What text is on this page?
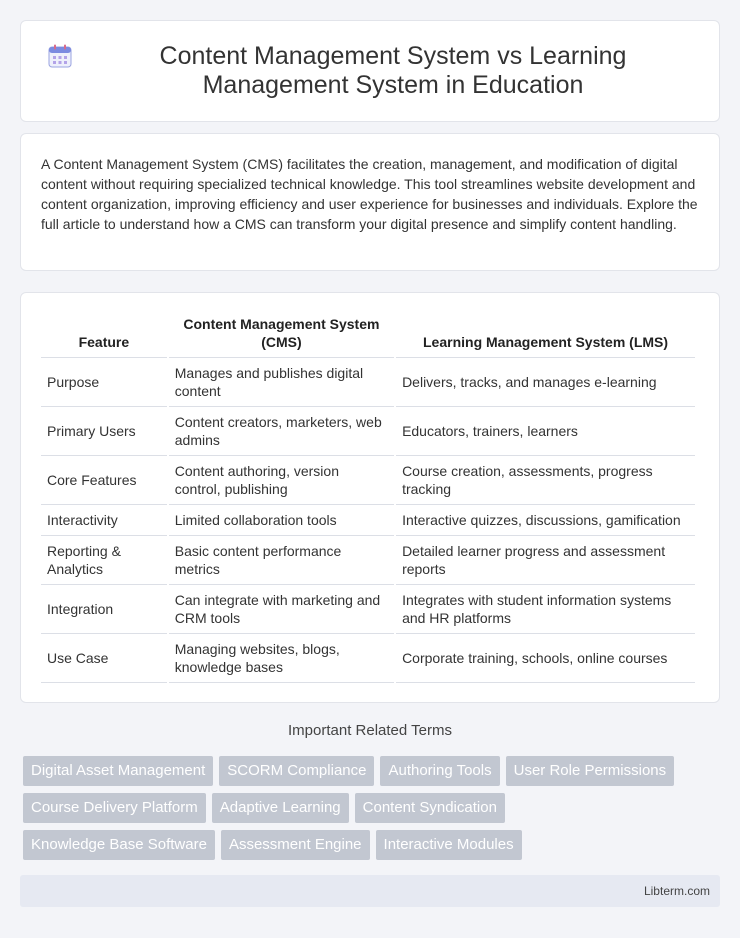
Content Management System vs Learning Management System in Education

A Content Management System (CMS) facilitates the creation, management, and modification of digital content without requiring specialized technical knowledge. This tool streamlines website development and content organization, improving efficiency and user experience for businesses and individuals. Explore the full article to understand how a CMS can transform your digital presence and simplify content handling.

Feature	Content Management System (CMS)	Learning Management System (LMS)
Purpose	Manages and publishes digital content	Delivers, tracks, and manages e-learning
Primary Users	Content creators, marketers, web admins	Educators, trainers, learners
Core Features	Content authoring, version control, publishing	Course creation, assessments, progress tracking
Interactivity	Limited collaboration tools	Interactive quizzes, discussions, gamification
Reporting & Analytics	Basic content performance metrics	Detailed learner progress and assessment reports
Integration	Can integrate with marketing and CRM tools	Integrates with student information systems and HR platforms
Use Case	Managing websites, blogs, knowledge bases	Corporate training, schools, online courses
Important Related Terms
Digital Asset Management	SCORM Compliance	Authoring Tools	User Role Permissions
Course Delivery Platform	Adaptive Learning	Content Syndication
Knowledge Base Software	Assessment Engine	Interactive Modules
Libterm.com
